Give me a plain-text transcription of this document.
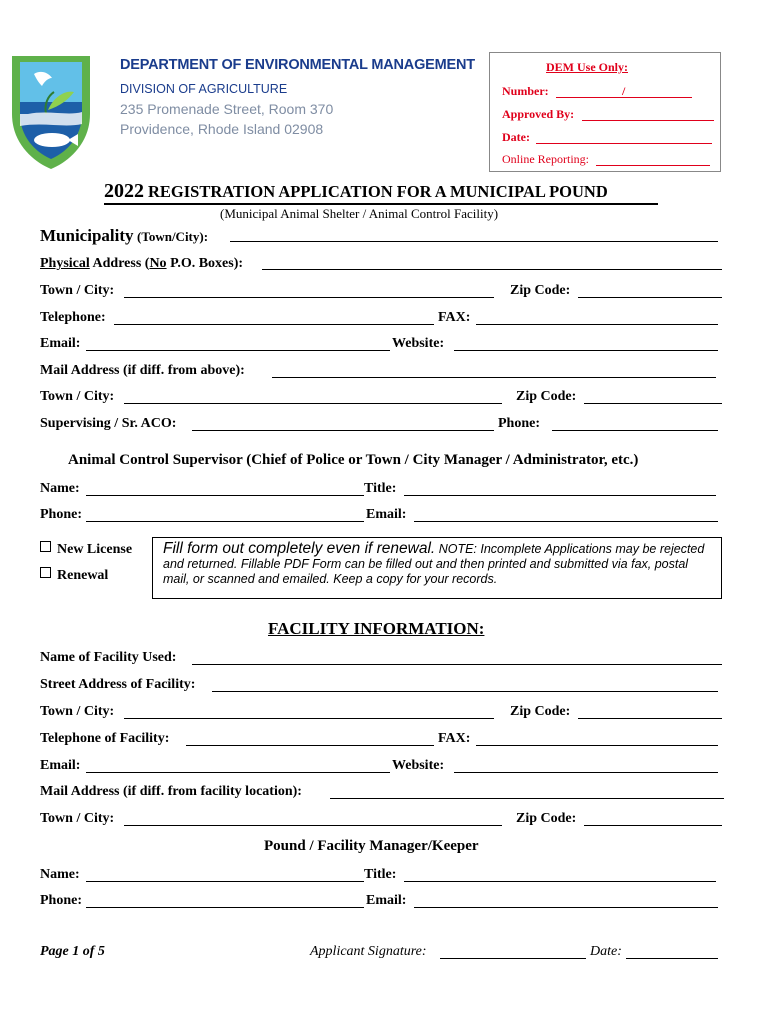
DEPARTMENT OF ENVIRONMENTAL MANAGEMENT
DIVISION OF AGRICULTURE
235 Promenade Street, Room 370
Providence, Rhode Island 02908
DEM Use Only:
Number:	/
Approved By:
Date:
Online Reporting:
2022 REGISTRATION APPLICATION FOR A MUNICIPAL POUND
(Municipal Animal Shelter / Animal Control Facility)
Municipality (Town/City):
Physical Address (No P.O. Boxes):
Town / City:	Zip Code:
Telephone:	FAX:
Email:	Website:
Mail Address (if diff. from above):
Town / City:	Zip Code:
Supervising / Sr. ACO:	Phone:
Animal Control Supervisor (Chief of Police or Town / City Manager / Administrator, etc.)
Name:	Title:
Phone:	Email:
New License
Renewal
Fill form out completely even if renewal. NOTE: Incomplete Applications may be rejected and returned. Fillable PDF Form can be filled out and then printed and submitted via fax, postal mail, or scanned and emailed. Keep a copy for your records.
FACILITY INFORMATION:
Name of Facility Used:
Street Address of Facility:
Town / City:	Zip Code:
Telephone of Facility:	FAX:
Email:	Website:
Mail Address (if diff. from facility location):
Town / City:	Zip Code:
Pound / Facility Manager/Keeper
Name:	Title:
Phone:	Email:
Page 1 of 5	Applicant Signature:	Date:
